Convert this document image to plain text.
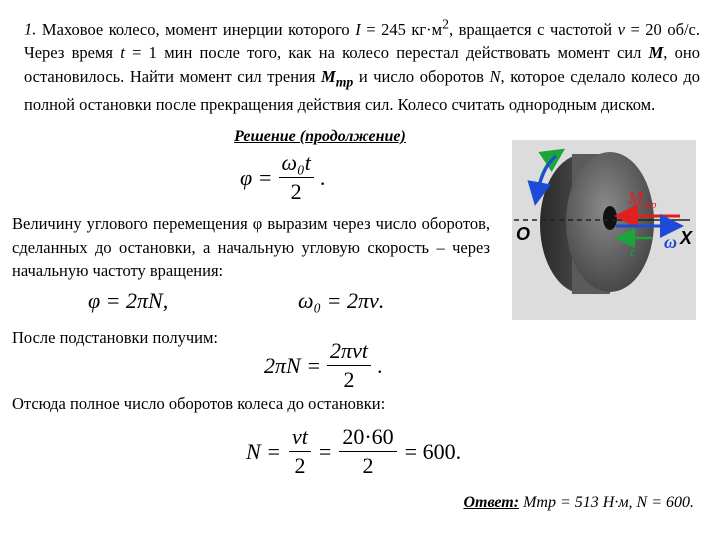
1. Маховое колесо, момент инерции которого I = 245 $кг\cdot м^2$, вращается с частотой ν = 20 об/с. Через время t = 1 мин после того, как на колесо перестал действовать момент сил M, оно остановилось. Найти момент сил трения $M_{тр}$ и число оборотов N, которое сделало колесо до полной остановки после прекращения действия сил. Колесо считать однородным диском.
Решение (продолжение)
$\varphi = \frac{\text{ω₀t}}{2}$ .
Величину углового перемещения φ выразим через число оборотов, сделанных до остановки, а начальную угловую скорость – через начальную частоту вращения:
φ = 2πN,	ω₀ = 2πν.
После подстановки получим:
$2\pi N = \frac{\text{2πνt}}{2}$ .
Отсюда полное число оборотов колеса до остановки:
$N = \frac{\nu t}{2} = \frac{20\cdot 60}{2} = 600$.
Ответ: Mтр = 513 Н·м, N = 600.
O	X
$M_{тр}$
ω
ε
